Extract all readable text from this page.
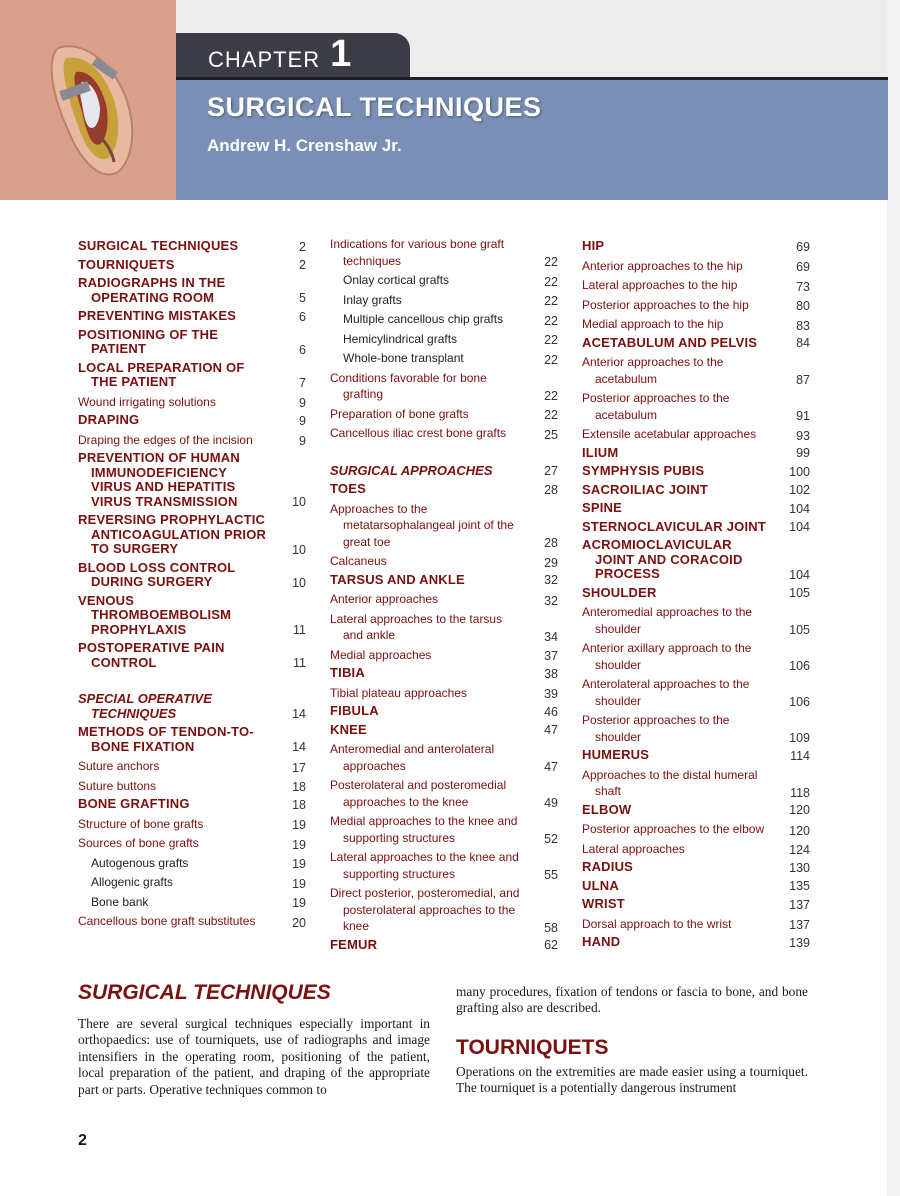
CHAPTER 1
SURGICAL TECHNIQUES

Andrew H. Crenshaw Jr.

SURGICAL TECHNIQUES	2
TOURNIQUETS	2
RADIOGRAPHS IN THE OPERATING ROOM	5
PREVENTING MISTAKES	6
POSITIONING OF THE PATIENT	6
LOCAL PREPARATION OF THE PATIENT	7
Wound irrigating solutions	9
DRAPING	9
Draping the edges of the incision	9
PREVENTION OF HUMAN IMMUNODEFICIENCY VIRUS AND HEPATITIS VIRUS TRANSMISSION	10
REVERSING PROPHYLACTIC ANTICOAGULATION PRIOR TO SURGERY	10
BLOOD LOSS CONTROL DURING SURGERY	10
VENOUS THROMBOEMBOLISM PROPHYLAXIS	11
POSTOPERATIVE PAIN CONTROL	11
SPECIAL OPERATIVE TECHNIQUES	14
METHODS OF TENDON-TO-BONE FIXATION	14
Suture anchors	17
Suture buttons	18
BONE GRAFTING	18
Structure of bone grafts	19
Sources of bone grafts	19
Autogenous grafts	19
Allogenic grafts	19
Bone bank	19
Cancellous bone graft substitutes	20
Indications for various bone graft techniques	22
Onlay cortical grafts	22
Inlay grafts	22
Multiple cancellous chip grafts	22
Hemicylindrical grafts	22
Whole-bone transplant	22
Conditions favorable for bone grafting	22
Preparation of bone grafts	22
Cancellous iliac crest bone grafts	25
SURGICAL APPROACHES	27
TOES	28
Approaches to the metatarsophalangeal joint of the great toe	28
Calcaneus	29
TARSUS AND ANKLE	32
Anterior approaches	32
Lateral approaches to the tarsus and ankle	34
Medial approaches	37
TIBIA	38
Tibial plateau approaches	39
FIBULA	46
KNEE	47
Anteromedial and anterolateral approaches	47
Posterolateral and posteromedial approaches to the knee	49
Medial approaches to the knee and supporting structures	52
Lateral approaches to the knee and supporting structures	55
Direct posterior, posteromedial, and posterolateral approaches to the knee	58
FEMUR	62
HIP	69
Anterior approaches to the hip	69
Lateral approaches to the hip	73
Posterior approaches to the hip	80
Medial approach to the hip	83
ACETABULUM AND PELVIS	84
Anterior approaches to the acetabulum	87
Posterior approaches to the acetabulum	91
Extensile acetabular approaches	93
ILIUM	99
SYMPHYSIS PUBIS	100
SACROILIAC JOINT	102
SPINE	104
STERNOCLAVICULAR JOINT	104
ACROMIOCLAVICULAR JOINT AND CORACOID PROCESS	104
SHOULDER	105
Anteromedial approaches to the shoulder	105
Anterior axillary approach to the shoulder	106
Anterolateral approaches to the shoulder	106
Posterior approaches to the shoulder	109
HUMERUS	114
Approaches to the distal humeral shaft	118
ELBOW	120
Posterior approaches to the elbow	120
Lateral approaches	124
RADIUS	130
ULNA	135
WRIST	137
Dorsal approach to the wrist	137
HAND	139
SURGICAL TECHNIQUES

There are several surgical techniques especially important in orthopaedics: use of tourniquets, use of radiographs and image intensifiers in the operating room, positioning of the patient, local preparation of the patient, and draping of the appropriate part or parts. Operative techniques common to

many procedures, fixation of tendons or fascia to bone, and bone grafting also are described.

TOURNIQUETS

Operations on the extremities are made easier using a tourniquet. The tourniquet is a potentially dangerous instrument

2
